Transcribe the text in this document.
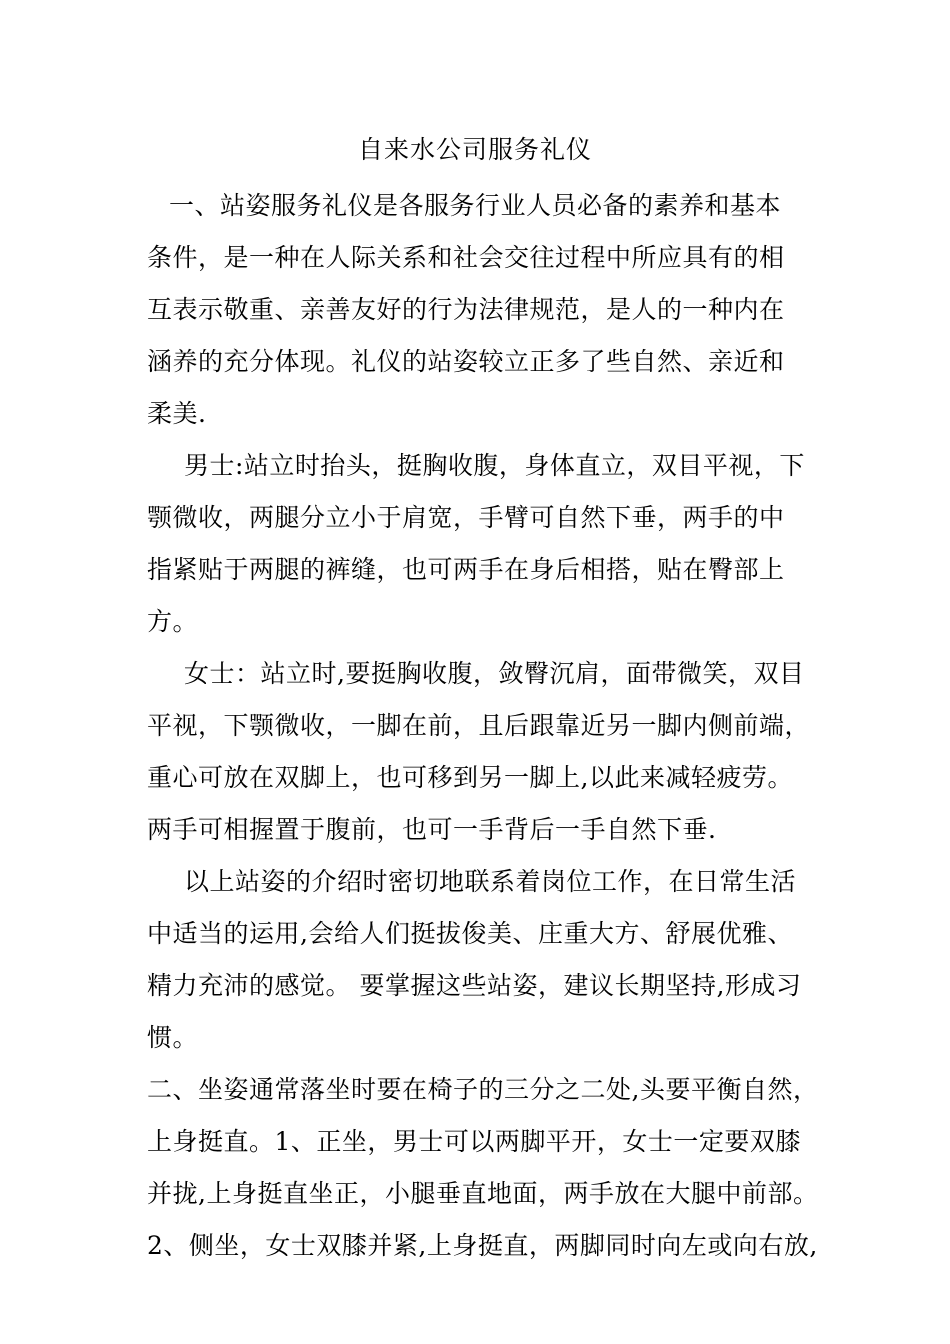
自来水公司服务礼仪
一、站姿服务礼仪是各服务行业人员必备的素养和基本
条件，是一种在人际关系和社会交往过程中所应具有的相
互表示敬重、亲善友好的行为法律规范，是人的一种内在
涵养的充分体现。礼仪的站姿较立正多了些自然、亲近和
柔美.
男士:站立时抬头，挺胸收腹，身体直立，双目平视，下
颚微收，两腿分立小于肩宽，手臂可自然下垂，两手的中
指紧贴于两腿的裤缝，也可两手在身后相搭，贴在臀部上
方。
女士：站立时,要挺胸收腹，敛臀沉肩，面带微笑，双目
平视，下颚微收，一脚在前，且后跟靠近另一脚内侧前端，
重心可放在双脚上，也可移到另一脚上,以此来减轻疲劳。
两手可相握置于腹前，也可一手背后一手自然下垂.
以上站姿的介绍时密切地联系着岗位工作，在日常生活
中适当的运用,会给人们挺拔俊美、庄重大方、舒展优雅、
精力充沛的感觉。 要掌握这些站姿，建议长期坚持,形成习
惯。
二、坐姿通常落坐时要在椅子的三分之二处,头要平衡自然，
上身挺直。1、正坐，男士可以两脚平开，女士一定要双膝
并拢,上身挺直坐正，小腿垂直地面，两手放在大腿中前部。
2、侧坐，女士双膝并紧,上身挺直，两脚同时向左或向右放,
